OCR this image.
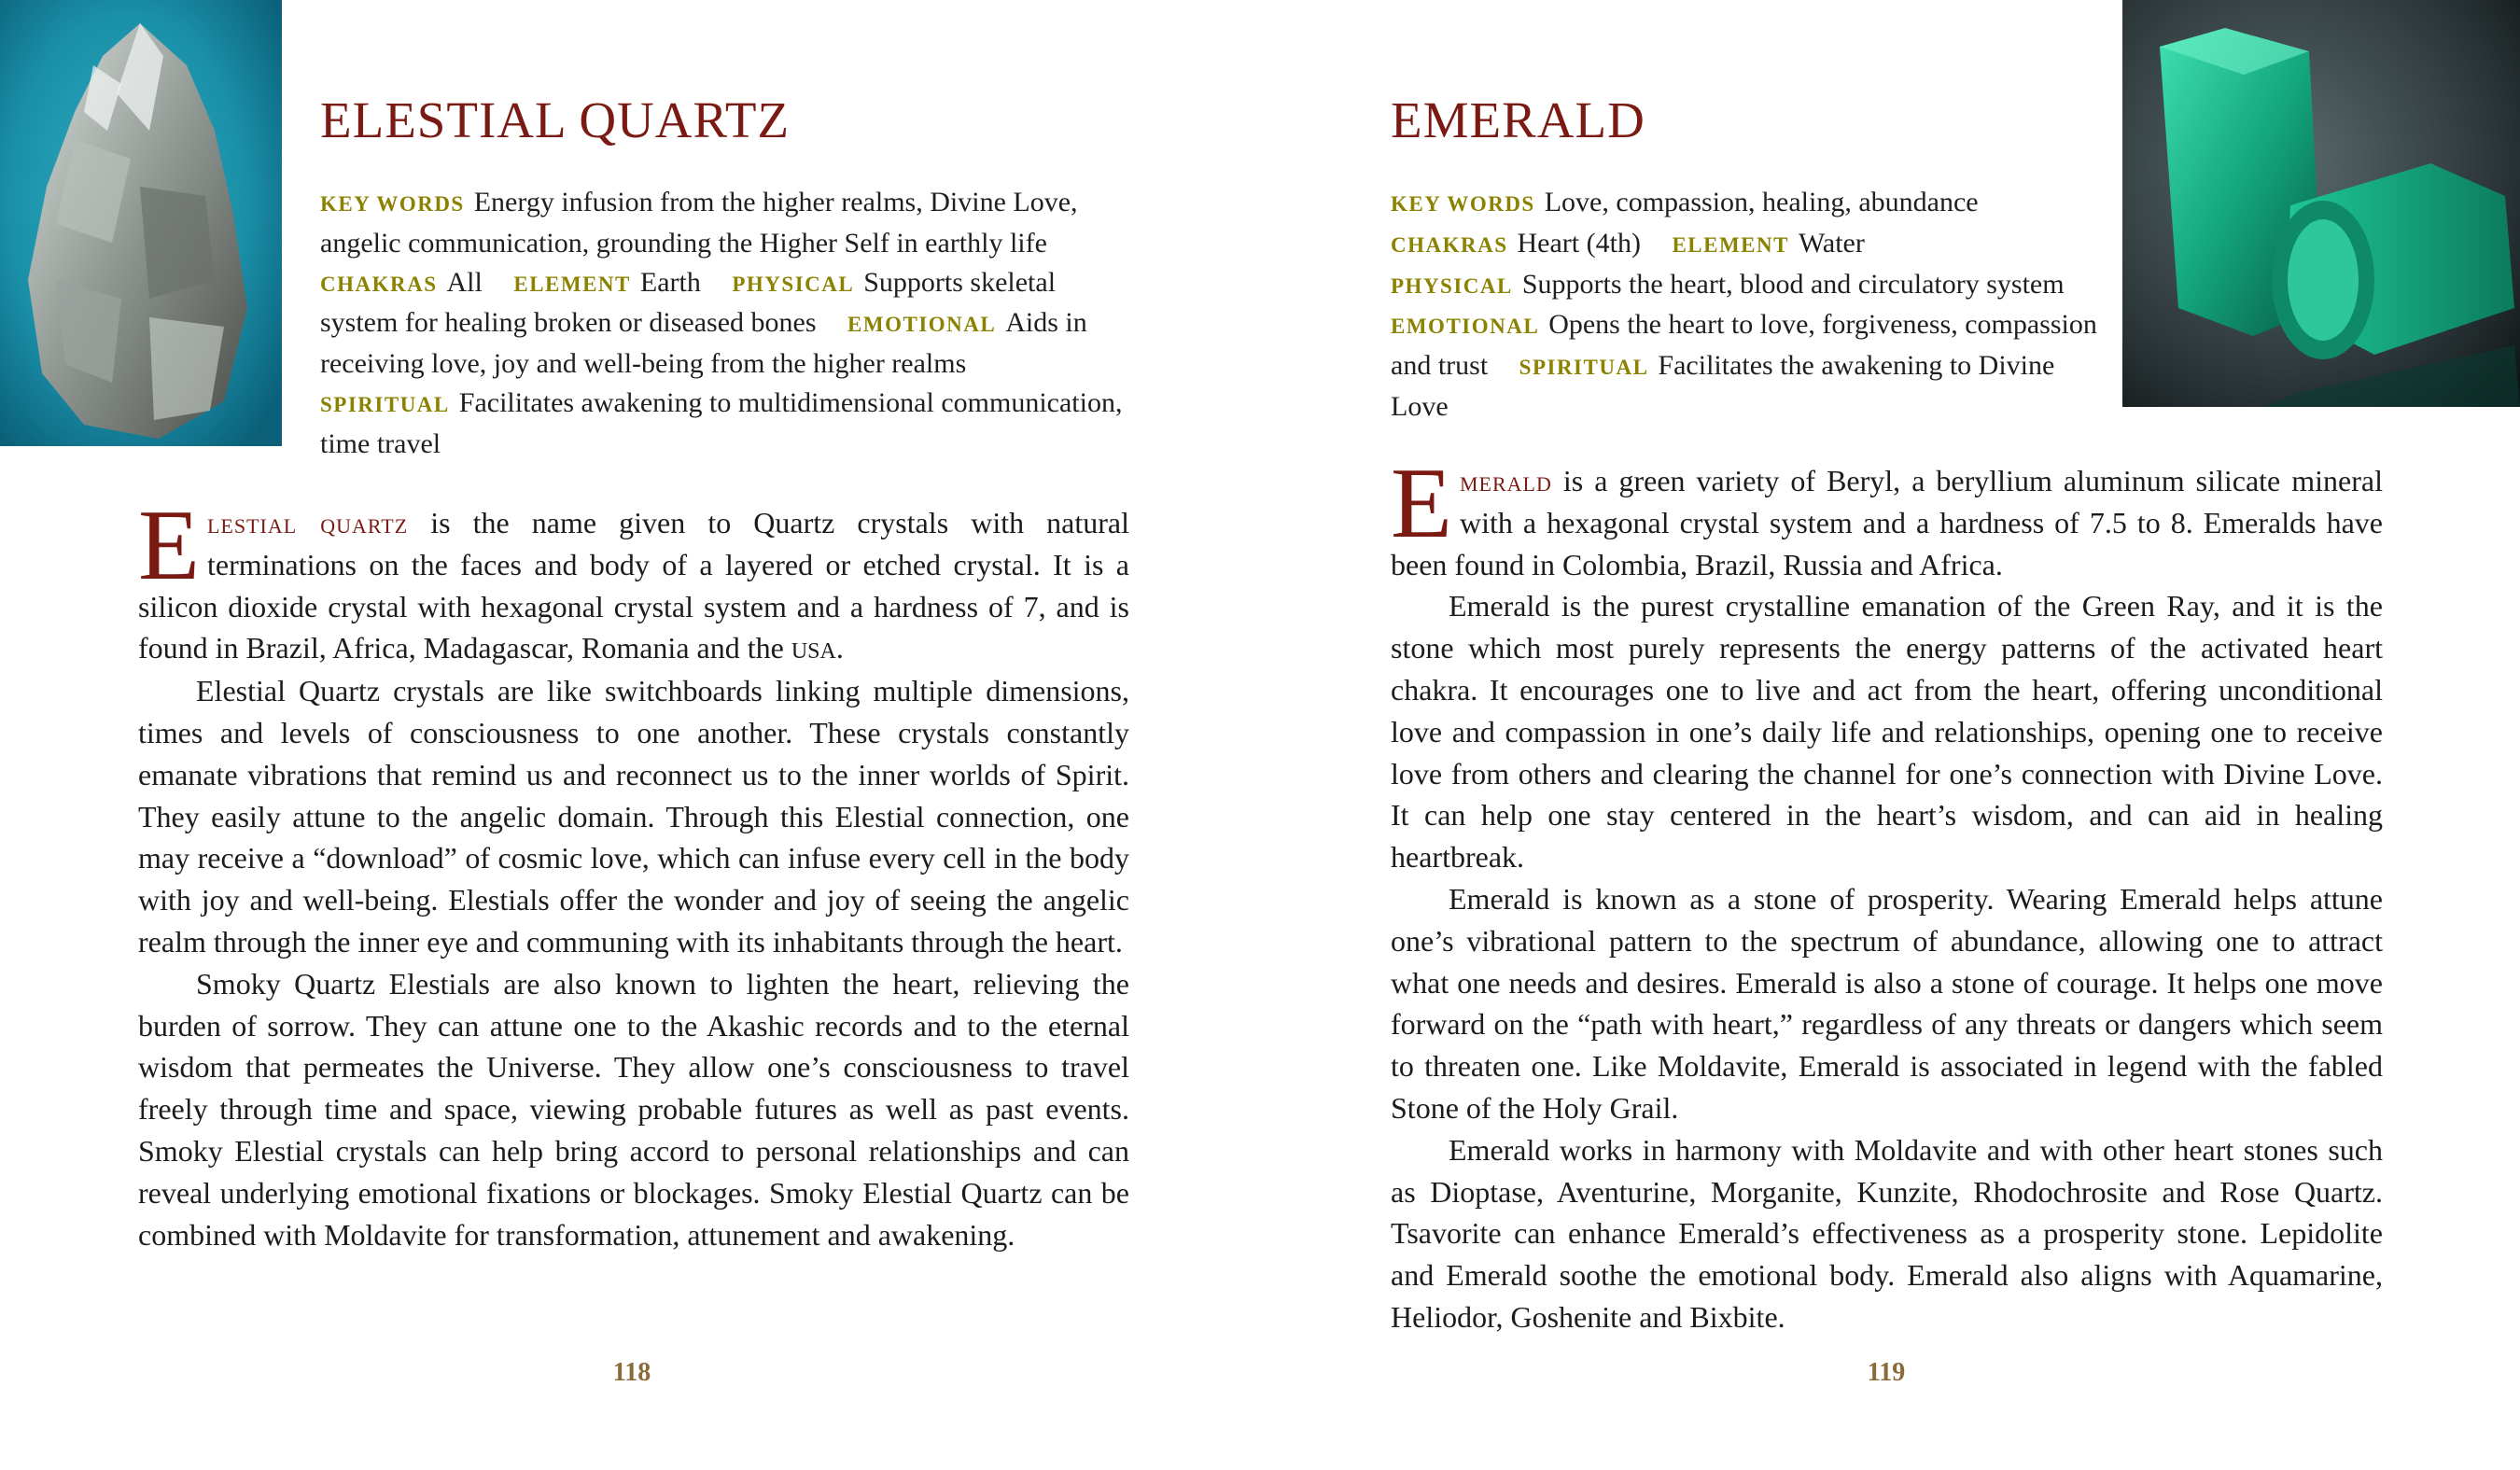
ELESTIAL QUARTZ
KEY WORDS Energy infusion from the higher realms, Divine Love, angelic communication, grounding the Higher Self in earthly life
CHAKRAS All ELEMENT Earth PHYSICAL Supports skeletal system for healing broken or diseased bones EMOTIONAL Aids in receiving love, joy and well-being from the higher realms
SPIRITUAL Facilitates awakening to multidimensional communication, time travel

Elestial quartz is the name given to Quartz crystals with natural terminations on the faces and body of a layered or etched crystal. It is a silicon dioxide crystal with hexagonal crystal system and a hardness of 7, and is found in Brazil, Africa, Madagascar, Romania and the usa.

Elestial Quartz crystals are like switchboards linking multiple dimensions, times and levels of consciousness to one another. These crystals constantly emanate vibrations that remind us and reconnect us to the inner worlds of Spirit. They easily attune to the angelic domain. Through this Elestial connection, one may receive a “download” of cosmic love, which can infuse every cell in the body with joy and well-being. Elestials offer the wonder and joy of seeing the angelic realm through the inner eye and communing with its inhabitants through the heart.

Smoky Quartz Elestials are also known to lighten the heart, relieving the burden of sorrow. They can attune one to the Akashic records and to the eternal wisdom that permeates the Universe. They allow one’s consciousness to travel freely through time and space, viewing probable futures as well as past events. Smoky Elestial crystals can help bring accord to personal relationships and can reveal underlying emotional fixations or blockages. Smoky Elestial Quartz can be combined with Moldavite for transformation, attunement and awakening.

118
EMERALD
KEY WORDS Love, compassion, healing, abundance
CHAKRAS Heart (4th) ELEMENT Water
PHYSICAL Supports the heart, blood and circulatory system EMOTIONAL Opens the heart to love, forgiveness, compassion and trust SPIRITUAL Facilitates the awakening to Divine Love

Emerald is a green variety of Beryl, a beryllium aluminum silicate mineral with a hexagonal crystal system and a hardness of 7.5 to 8. Emeralds have been found in Colombia, Brazil, Russia and Africa.

Emerald is the purest crystalline emanation of the Green Ray, and it is the stone which most purely represents the energy patterns of the activated heart chakra. It encourages one to live and act from the heart, offering unconditional love and compassion in one’s daily life and relationships, opening one to receive love from others and clearing the channel for one’s connection with Divine Love. It can help one stay centered in the heart’s wisdom, and can aid in healing heartbreak.

Emerald is known as a stone of prosperity. Wearing Emerald helps attune one’s vibrational pattern to the spectrum of abundance, allowing one to attract what one needs and desires. Emerald is also a stone of courage. It helps one move forward on the “path with heart,” regardless of any threats or dangers which seem to threaten one. Like Moldavite, Emerald is associated in legend with the fabled Stone of the Holy Grail.

Emerald works in harmony with Moldavite and with other heart stones such as Dioptase, Aventurine, Morganite, Kunzite, Rhodochrosite and Rose Quartz. Tsavorite can enhance Emerald’s effectiveness as a prosperity stone. Lepidolite and Emerald soothe the emotional body. Emerald also aligns with Aquamarine, Heliodor, Goshenite and Bixbite.

119
